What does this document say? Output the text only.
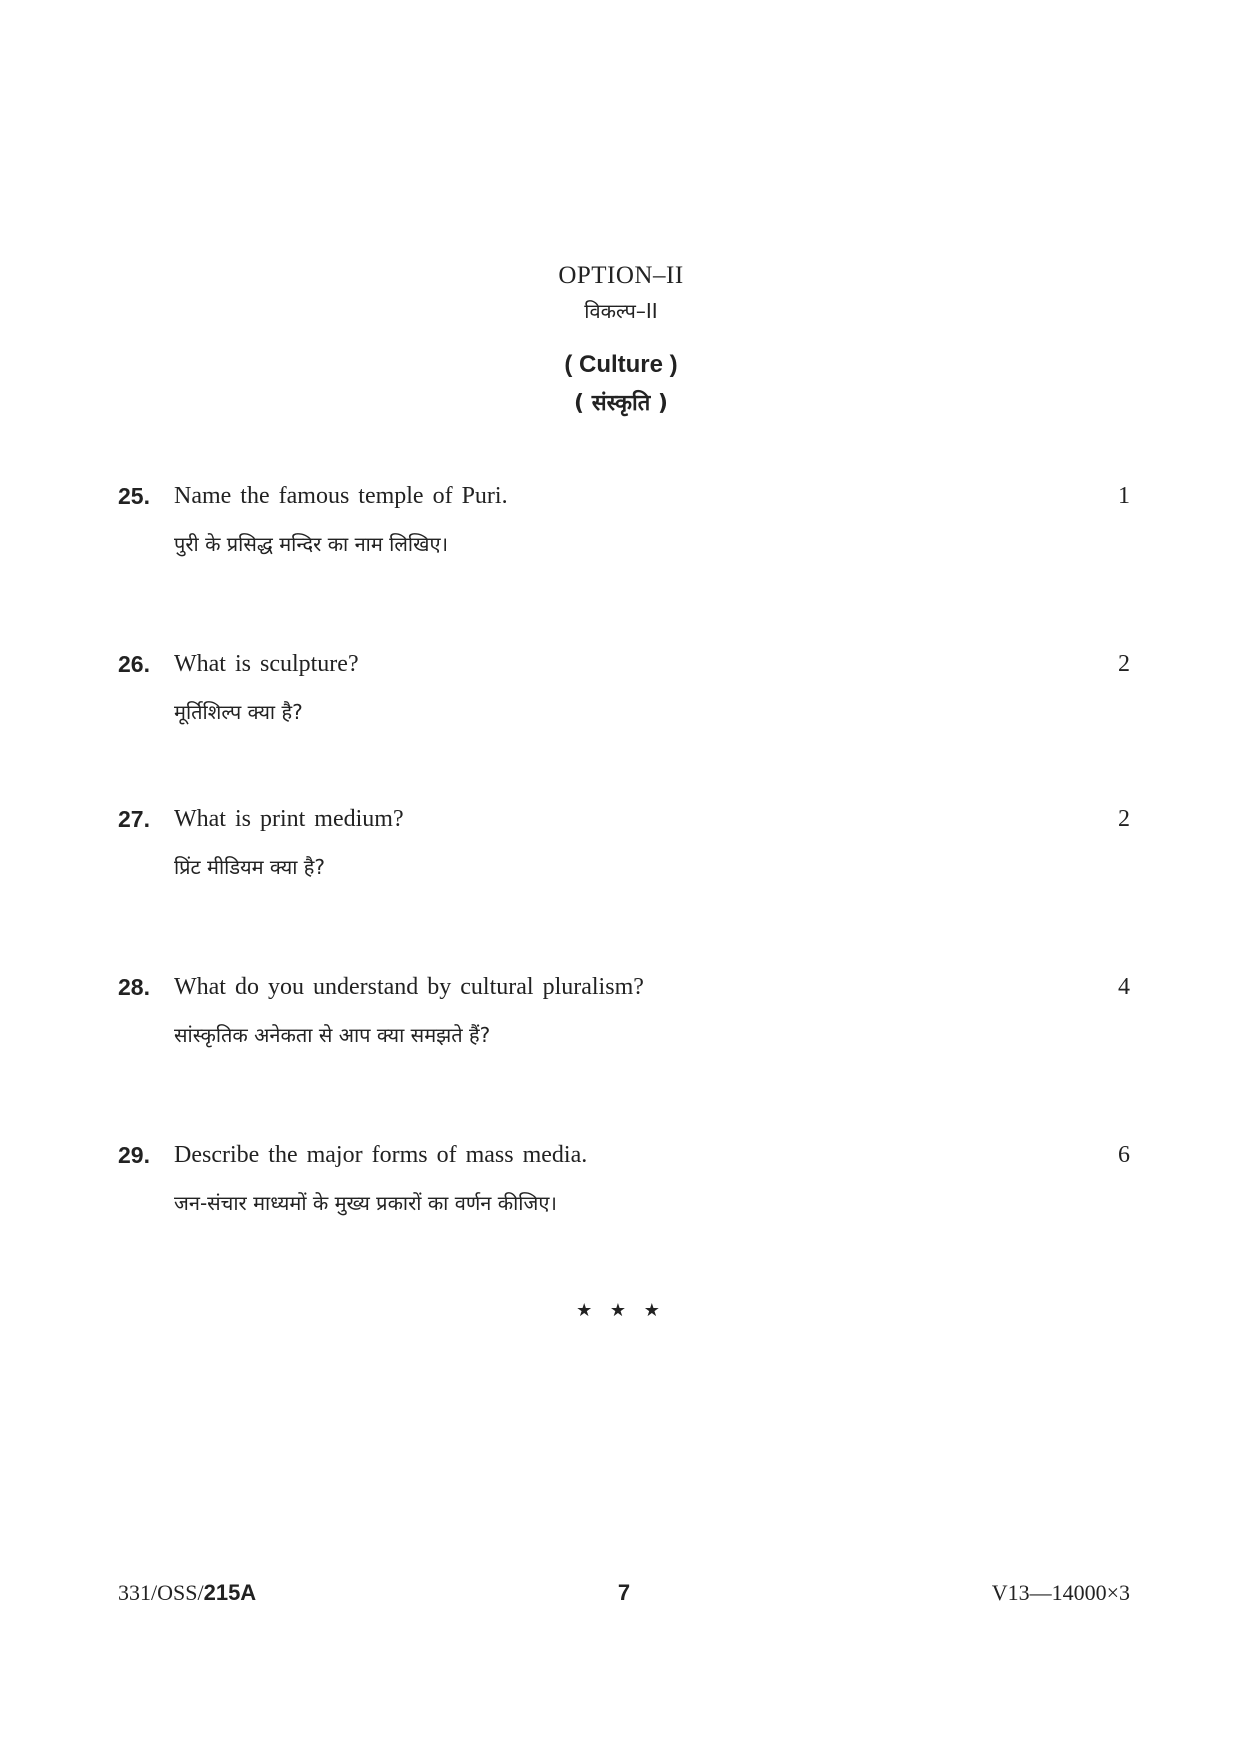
OPTION–II
विकल्प–II
( Culture )
( संस्कृति )
25. Name the famous temple of Puri.	1
पुरी के प्रसिद्ध मन्दिर का नाम लिखिए।
26. What is sculpture?	2
मूर्तिशिल्प क्या है?
27. What is print medium?	2
प्रिंट मीडियम क्या है?
28. What do you understand by cultural pluralism?	4
सांस्कृतिक अनेकता से आप क्या समझते हैं?
29. Describe the major forms of mass media.	6
जन-संचार माध्यमों के मुख्य प्रकारों का वर्णन कीजिए।
★ ★ ★
331/OSS/215A	7	V13—14000×3
